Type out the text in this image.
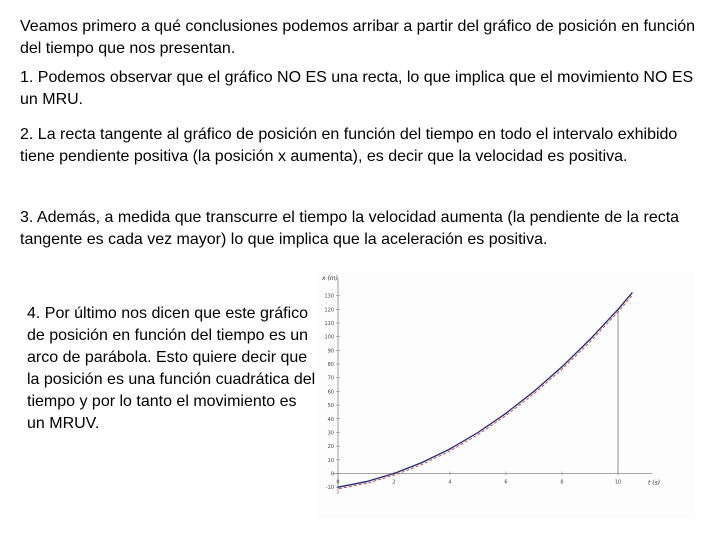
Veamos primero a qué conclusiones podemos arribar a partir del gráfico de posición en función del tiempo que nos presentan.

1. Podemos observar que el gráfico NO ES una recta, lo que implica que el movimiento NO ES un MRU.

2. La recta tangente al gráfico de posición en función del tiempo en todo el intervalo exhibido tiene pendiente positiva (la posición x aumenta), es decir que la velocidad es positiva.

3. Además, a medida que transcurre el tiempo la velocidad aumenta (la pendiente de la recta tangente es cada vez mayor) lo que implica que la aceleración es positiva.

4. Por último nos dicen que este gráfico de posición en función del tiempo es un arco de parábola. Esto quiere decir que la posición es una función cuadrática del tiempo y por lo tanto el movimiento es un MRUV.

-10
0
10
20
30
40
50
60
70
80
90
100
110
120
130
0	2	4	6	8	10
x (m)
t (s)
